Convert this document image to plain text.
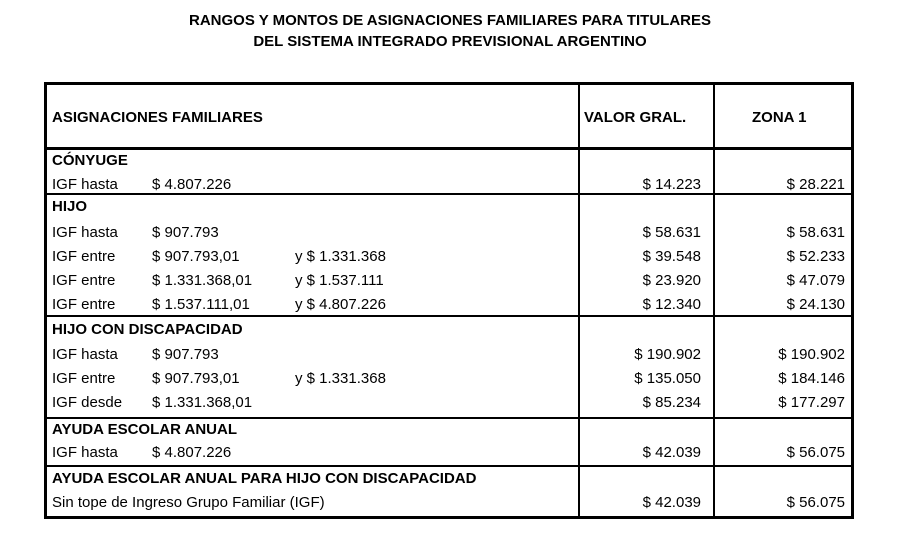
RANGOS Y MONTOS DE ASIGNACIONES FAMILIARES PARA TITULARES
DEL SISTEMA INTEGRADO PREVISIONAL ARGENTINO
ASIGNACIONES FAMILIARES	VALOR GRAL.	ZONA 1
CÓNYUGE
IGF hasta $ 4.807.226	$ 14.223	$ 28.221
HIJO
IGF hasta $ 907.793	$ 58.631	$ 58.631
IGF entre $ 907.793,01	y $ 1.331.368	$ 39.548	$ 52.233
IGF entre $ 1.331.368,01	y $ 1.537.111	$ 23.920	$ 47.079
IGF entre $ 1.537.111,01	y $ 4.807.226	$ 12.340	$ 24.130
HIJO CON DISCAPACIDAD
IGF hasta $ 907.793	$ 190.902	$ 190.902
IGF entre $ 907.793,01	y $ 1.331.368	$ 135.050	$ 184.146
IGF desde $ 1.331.368,01	$ 85.234	$ 177.297
AYUDA ESCOLAR ANUAL
IGF hasta $ 4.807.226	$ 42.039	$ 56.075
AYUDA ESCOLAR ANUAL PARA HIJO CON DISCAPACIDAD
Sin tope de Ingreso Grupo Familiar (IGF)	$ 42.039	$ 56.075
